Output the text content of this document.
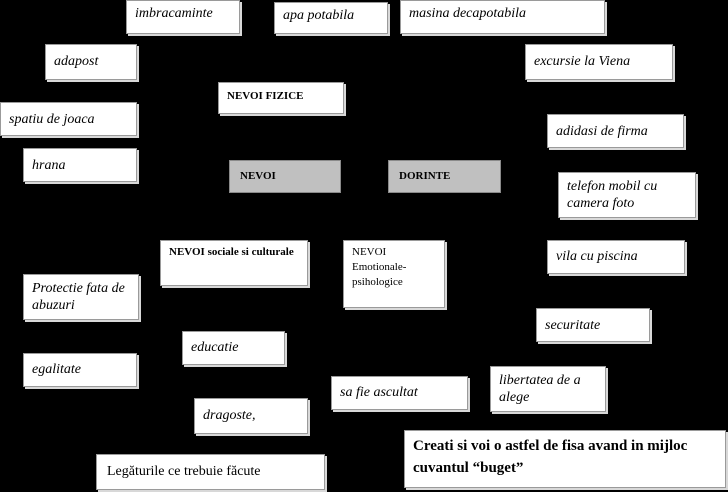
imbracaminte	apa potabila	masina decapotabila
adapost
spatiu de joaca
hrana
Protectie fata de abuzuri
egalitate
excursie la Viena
adidasi de firma
telefon mobil cu camera foto
vila cu piscina
securitate
libertatea de a alege
NEVOI FIZICE
NEVOI	DORINTE
NEVOI sociale si culturale	NEVOI Emotionale-psihologice
educatie
sa fie ascultat
dragoste,
Legăturile ce trebuie făcute
Creati si voi o astfel de fisa avand in mijloc cuvantul “buget”
